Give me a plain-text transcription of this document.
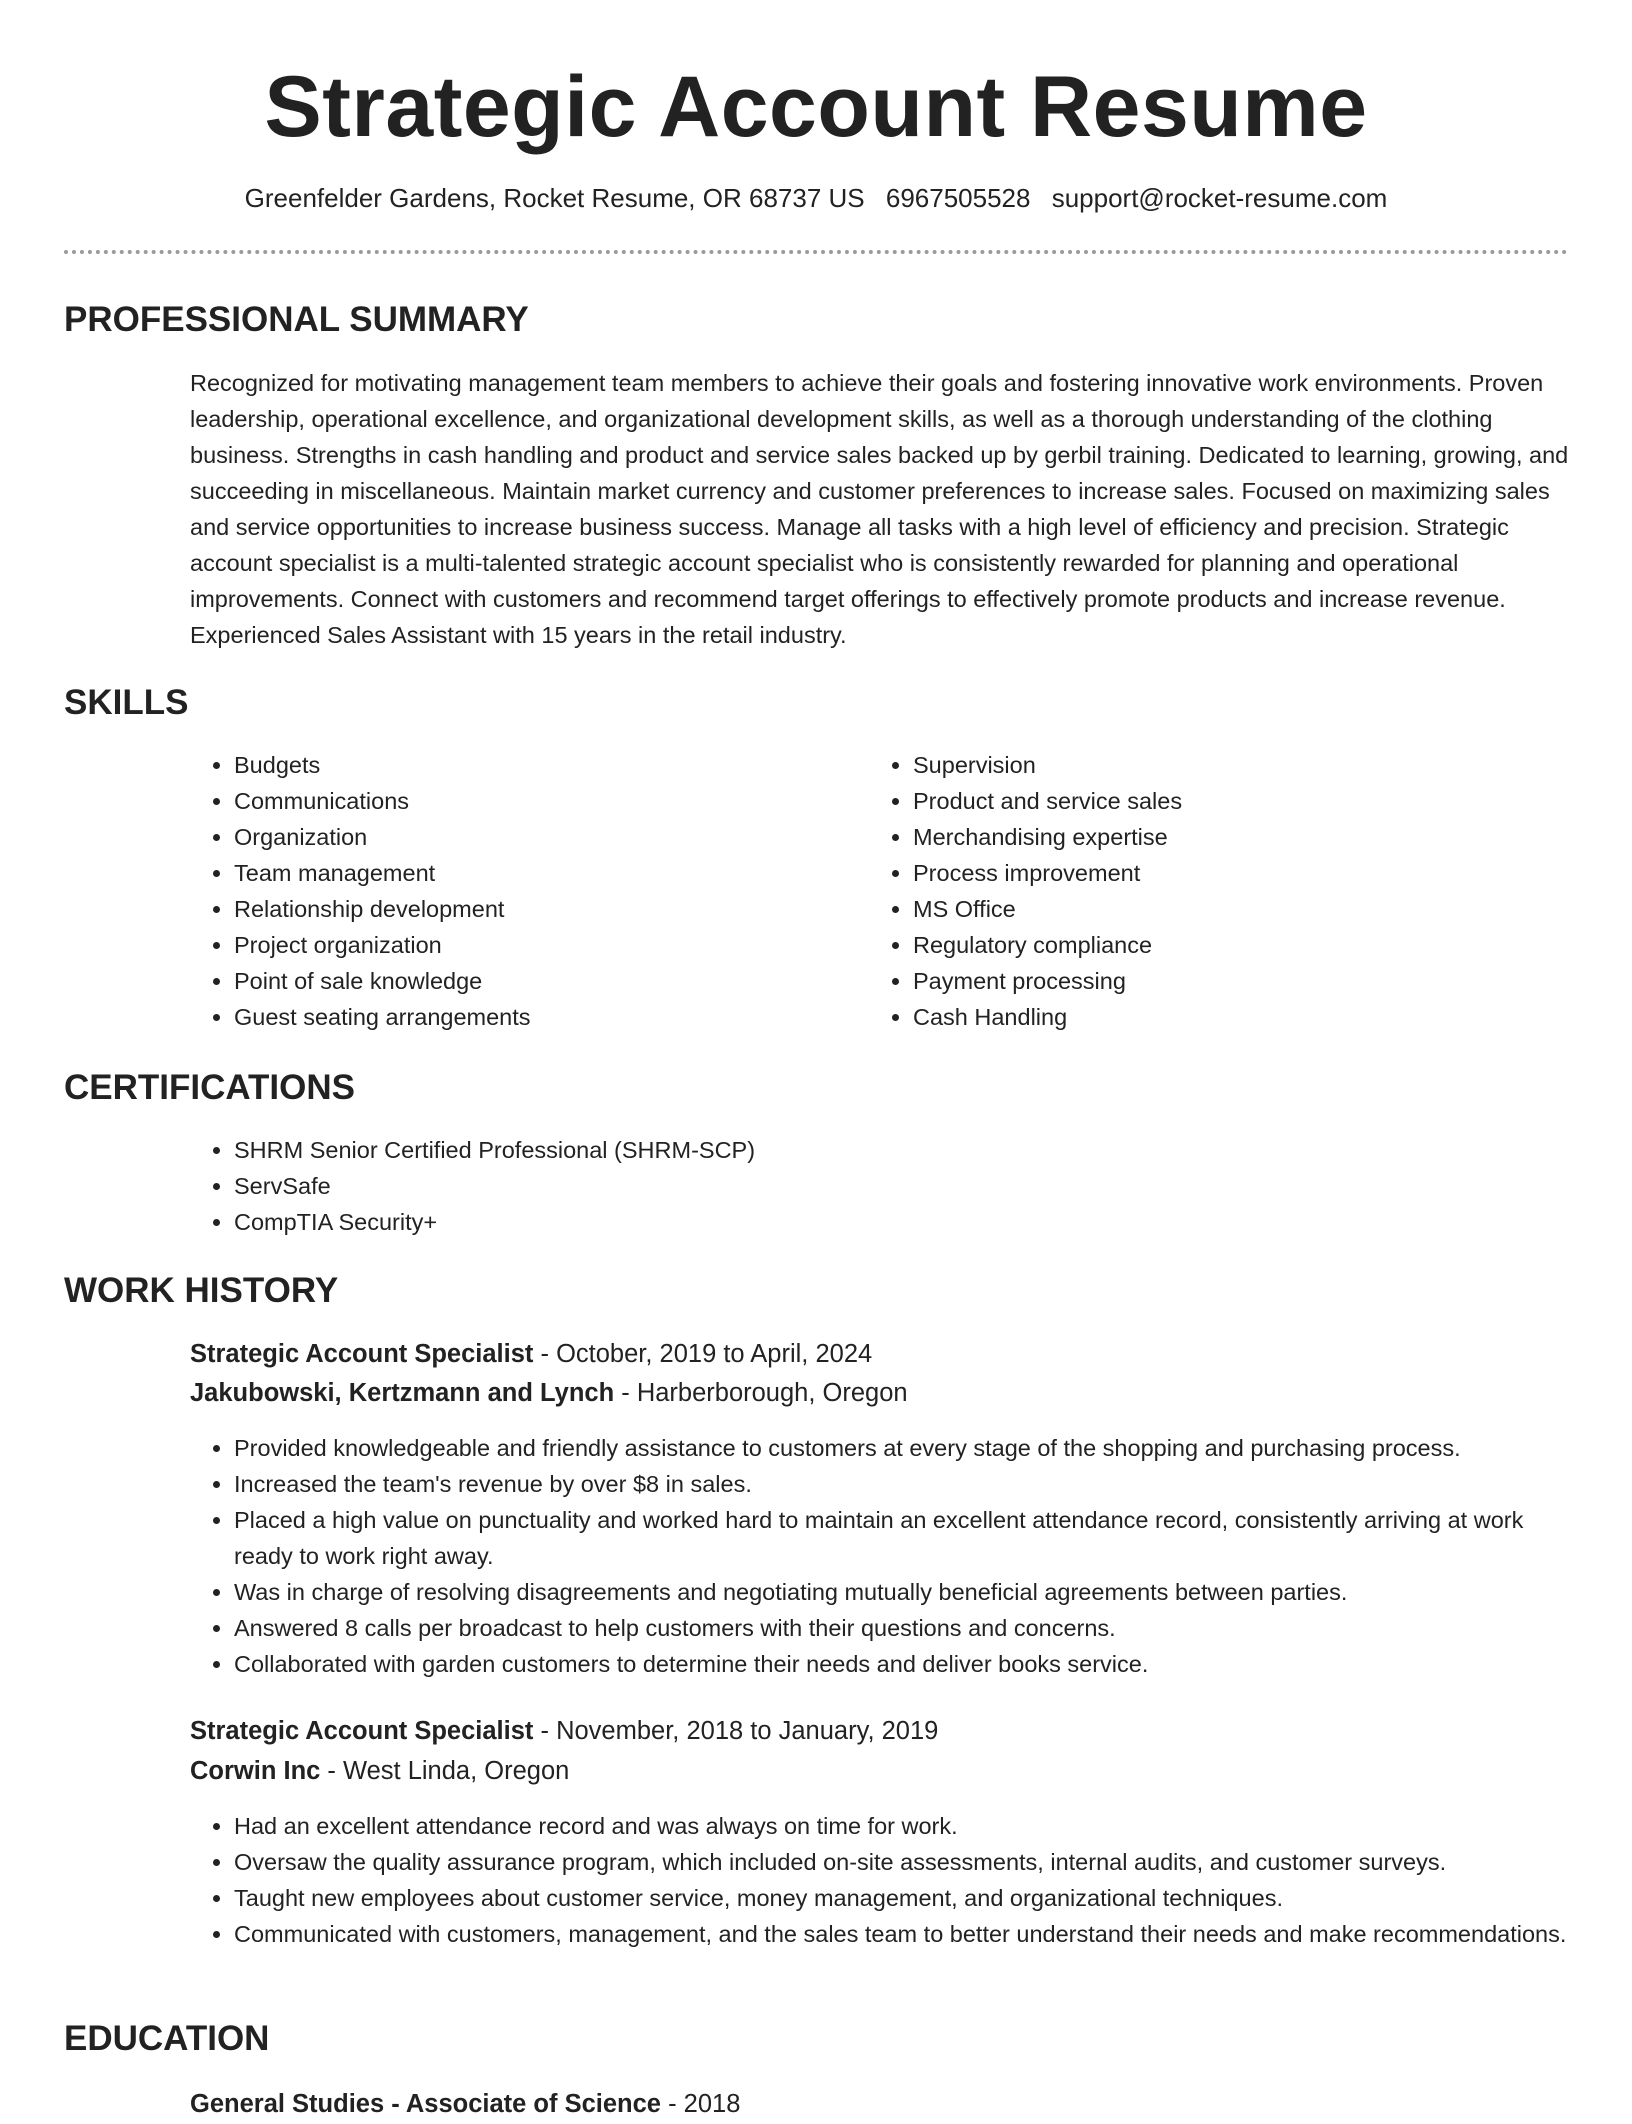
Strategic Account Resume
Greenfelder Gardens, Rocket Resume, OR 68737 US 6967505528 support@rocket-resume.com
PROFESSIONAL SUMMARY
Recognized for motivating management team members to achieve their goals and fostering innovative work environments. Proven leadership, operational excellence, and organizational development skills, as well as a thorough understanding of the clothing business. Strengths in cash handling and product and service sales backed up by gerbil training. Dedicated to learning, growing, and succeeding in miscellaneous. Maintain market currency and customer preferences to increase sales. Focused on maximizing sales and service opportunities to increase business success. Manage all tasks with a high level of efficiency and precision. Strategic account specialist is a multi-talented strategic account specialist who is consistently rewarded for planning and operational improvements. Connect with customers and recommend target offerings to effectively promote products and increase revenue. Experienced Sales Assistant with 15 years in the retail industry.
SKILLS
• Budgets
• Communications
• Organization
• Team management
• Relationship development
• Project organization
• Point of sale knowledge
• Guest seating arrangements
• Supervision
• Product and service sales
• Merchandising expertise
• Process improvement
• MS Office
• Regulatory compliance
• Payment processing
• Cash Handling
CERTIFICATIONS
• SHRM Senior Certified Professional (SHRM-SCP)
• ServSafe
• CompTIA Security+
WORK HISTORY
Strategic Account Specialist - October, 2019 to April, 2024
Jakubowski, Kertzmann and Lynch - Harberborough, Oregon
• Provided knowledgeable and friendly assistance to customers at every stage of the shopping and purchasing process.
• Increased the team's revenue by over $8 in sales.
• Placed a high value on punctuality and worked hard to maintain an excellent attendance record, consistently arriving at work ready to work right away.
• Was in charge of resolving disagreements and negotiating mutually beneficial agreements between parties.
• Answered 8 calls per broadcast to help customers with their questions and concerns.
• Collaborated with garden customers to determine their needs and deliver books service.
Strategic Account Specialist - November, 2018 to January, 2019
Corwin Inc - West Linda, Oregon
• Had an excellent attendance record and was always on time for work.
• Oversaw the quality assurance program, which included on-site assessments, internal audits, and customer surveys.
• Taught new employees about customer service, money management, and organizational techniques.
• Communicated with customers, management, and the sales team to better understand their needs and make recommendations.
EDUCATION
General Studies - Associate of Science - 2018
